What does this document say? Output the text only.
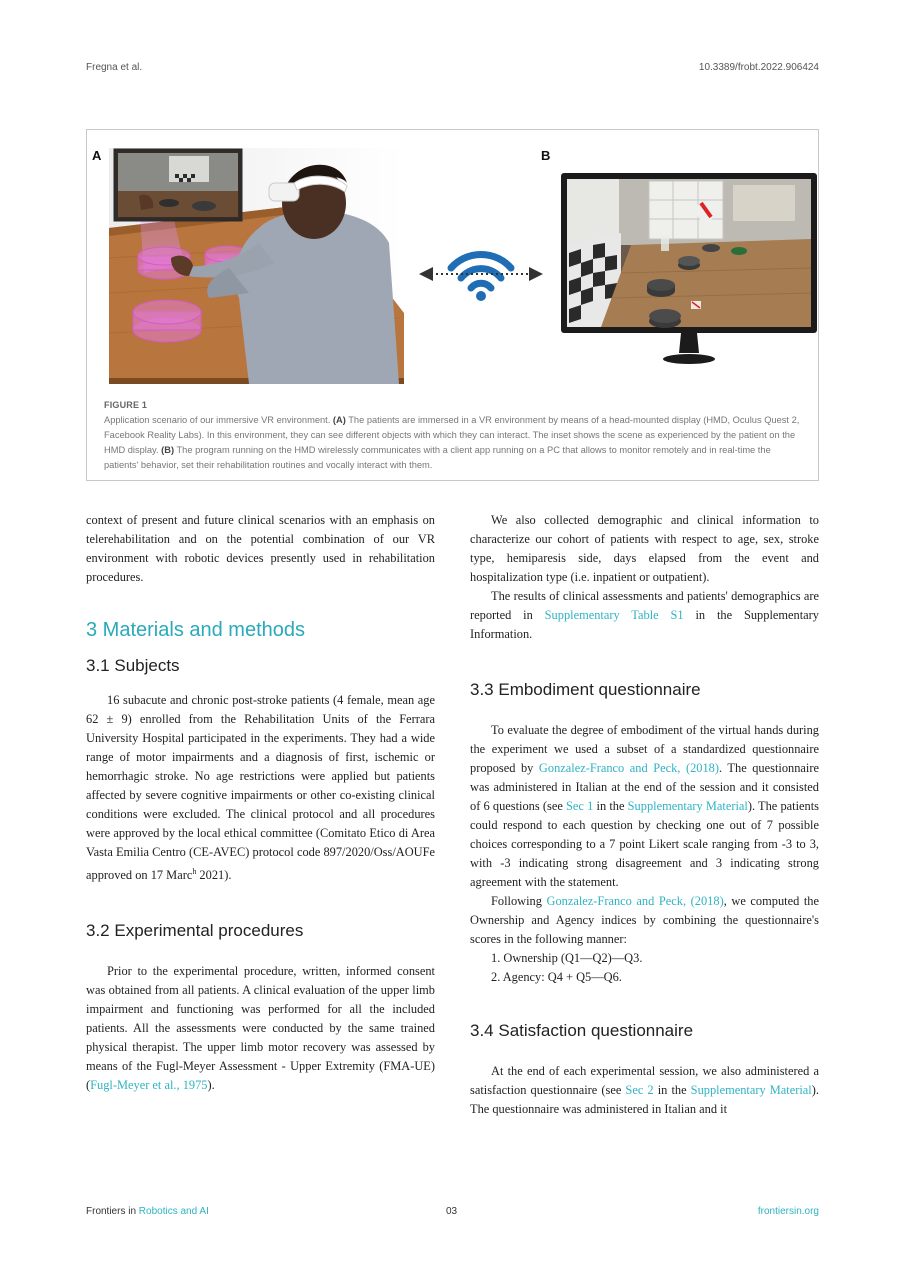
Fregna et al.	10.3389/frobt.2022.906424
A	B
FIGURE 1
Application scenario of our immersive VR environment. (A) The patients are immersed in a VR environment by means of a head-mounted display (HMD, Oculus Quest 2, Facebook Reality Labs). In this environment, they can see different objects with which they can interact. The inset shows the scene as experienced by the patient on the HMD display. (B) The program running on the HMD wirelessly communicates with a client app running on a PC that allows to monitor remotely and in real-time the patients' behavior, set their rehabilitation routines and vocally interact with them.

context of present and future clinical scenarios with an emphasis on telerehabilitation and on the potential combination of our VR environment with robotic devices presently used in rehabilitation procedures.

3 Materials and methods
3.1 Subjects

16 subacute and chronic post-stroke patients (4 female, mean age 62 ± 9) enrolled from the Rehabilitation Units of the Ferrara University Hospital participated in the experiments. They had a wide range of motor impairments and a diagnosis of first, ischemic or hemorrhagic stroke. No age restrictions were applied but patients affected by severe cognitive impairments or other co-existing clinical conditions were excluded. The clinical protocol and all procedures were approved by the local ethical committee (Comitato Etico di Area Vasta Emilia Centro (CE-AVEC) protocol code 897/2020/Oss/AOUFe approved on 17 Marc$^h$ 2021).

3.2 Experimental procedures

Prior to the experimental procedure, written, informed consent was obtained from all patients. A clinical evaluation of the upper limb impairment and functioning was performed for all the included patients. All the assessments were conducted by the same trained physical therapist. The upper limb motor recovery was assessed by means of the Fugl-Meyer Assessment - Upper Extremity (FMA-UE) (Fugl-Meyer et al., 1975).

We also collected demographic and clinical information to characterize our cohort of patients with respect to age, sex, stroke type, hemiparesis side, days elapsed from the event and hospitalization type (i.e. inpatient or outpatient).

The results of clinical assessments and patients' demographics are reported in Supplementary Table S1 in the Supplementary Information.

3.3 Embodiment questionnaire

To evaluate the degree of embodiment of the virtual hands during the experiment we used a subset of a standardized questionnaire proposed by Gonzalez-Franco and Peck, (2018). The questionnaire was administered in Italian at the end of the session and it consisted of 6 questions (see Sec 1 in the Supplementary Material). The patients could respond to each question by checking one out of 7 possible choices corresponding to a 7 point Likert scale ranging from -3 to 3, with -3 indicating strong disagreement and 3 indicating strong agreement with the statement.

Following Gonzalez-Franco and Peck, (2018), we computed the Ownership and Agency indices by combining the questionnaire's scores in the following manner:

1. Ownership (Q1—Q2)—Q3.

2. Agency: Q4 + Q5—Q6.

3.4 Satisfaction questionnaire

At the end of each experimental session, we also administered a satisfaction questionnaire (see Sec 2 in the Supplementary Material). The questionnaire was administered in Italian and it

Frontiers in Robotics and AI	03	frontiersin.org
